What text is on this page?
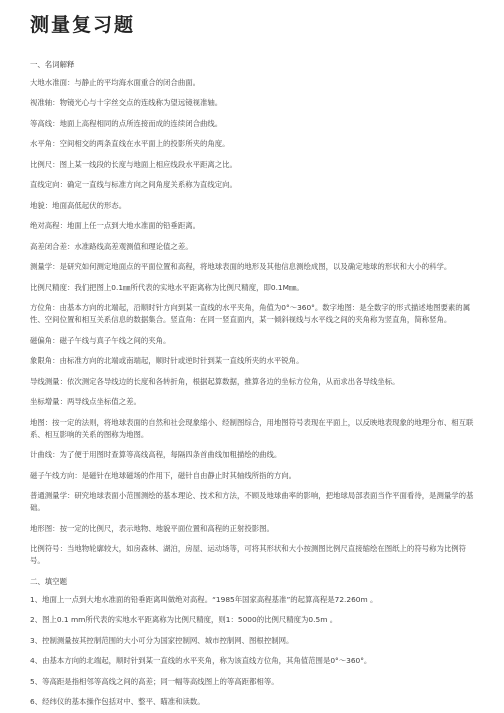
测量复习题
一、名词解释

大地水准面：与静止的平均海水面重合的闭合曲面。

视准轴：物镜光心与十字丝交点的连线称为望远镜视准轴。

等高线：地面上高程相同的点所连接而成的连续闭合曲线。

水平角：空间相交的两条直线在水平面上的投影所夹的角度。

比例尺：图上某一线段的长度与地面上相应线段水平距离之比。

直线定向：确定一直线与标准方向之间角度关系称为直线定向。

地貌：地面高低起伏的形态。

绝对高程：地面上任一点到大地水准面的铅垂距离。

高差闭合差：水准路线高差观测值和理论值之差。

测量学：是研究如何测定地面点的平面位置和高程，将地球表面的地形及其他信息测绘成图，以及确定地球的形状和大小的科学。

比例尺精度：我们把图上0.1㎜所代表的实地水平距离称为比例尺精度，即0.1M㎜。

方位角：由基本方向的北端起，沿顺时针方向到某一直线的水平夹角，角值为0°～360°。数字地图：是全数字的形式描述地图要素的属性、空间位置和相互关系信息的数据集合。竖直角：在同一竖直面内，某一倾斜视线与水平线之间的夹角称为竖直角，简称竖角。

磁偏角：磁子午线与真子午线之间的夹角。

象限角：由标准方向的北端或南端起，顺时针或逆时针到某一直线所夹的水平锐角。

导线测量：依次测定各导线边的长度和各转折角，根据起算数据，推算各边的坐标方位角，从而求出各导线坐标。

坐标增量：两导线点坐标值之差。

地图：按一定的法则，将地球表面的自然和社会现象缩小、经制图综合，用地图符号表现在平面上，以反映地表现象的地理分布、相互联系、相互影响的关系的图称为地图。

计曲线：为了便于用图时查算等高线高程，每隔四条首曲线加粗描绘的曲线。

磁子午线方向：是磁针在地球磁场的作用下，磁针自由静止时其轴线所指的方向。

普通测量学：研究地球表面小范围测绘的基本理论、技术和方法，不顾及地球曲率的影响，把地球局部表面当作平面看待，是测量学的基础。

地形图：按一定的比例尺，表示地物、地貌平面位置和高程的正射投影图。

比例符号：当地物轮廓较大，如房森林、湖泊，房屋、运动场等，可将其形状和大小按测图比例尺直接缩绘在图纸上的符号称为比例符号。

二、填空题

1、地面上一点到大地水准面的铅垂距离叫做绝对高程。“1985年国家高程基准”的起算高程是72.260m 。

2、图上0.1 mm所代表的实地水平距离称为比例尺精度，则1：5000的比例尺精度为0.5m 。

3、控制测量按其控制范围的大小可分为国家控制网、城市控制网、图根控制网。

4、由基本方向的北端起，顺时针到某一直线的水平夹角，称为该直线方位角，其角值范围是0°～360°。

5、等高距是指相邻等高线之间的高差；同一幅等高线图上的等高距都相等。

6、经纬仪的基本操作包括对中、整平、瞄准和读数。
